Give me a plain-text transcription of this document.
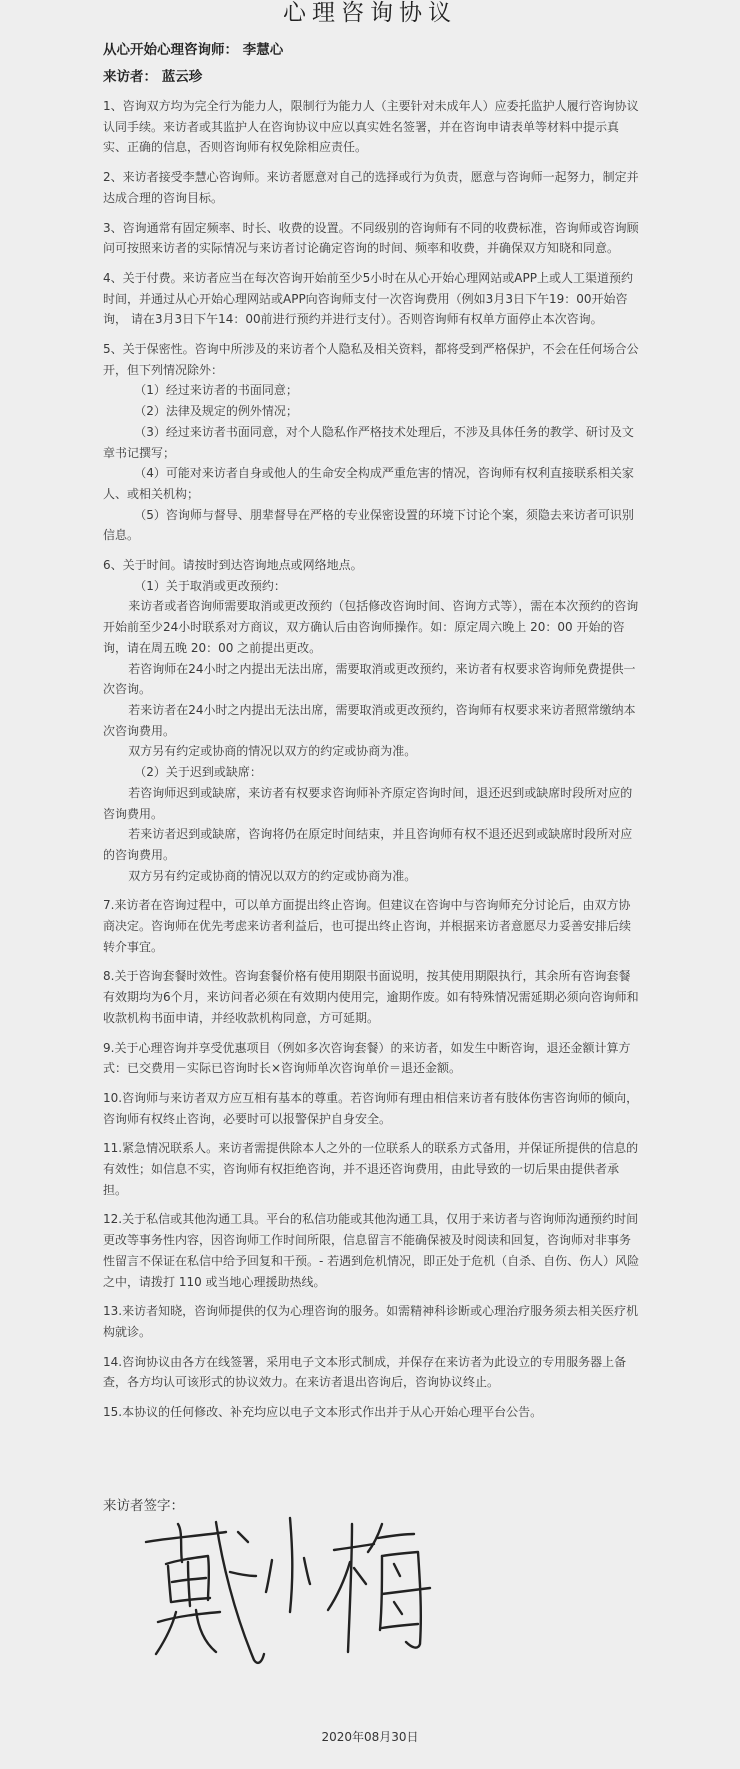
心理咨询协议
从心开始心理咨询师： 李慧心
来访者： 蓝云珍

1、咨询双方均为完全行为能力人，限制行为能力人（主要针对未成年人）应委托监护人履行咨询协议认同手续。来访者或其监护人在咨询协议中应以真实姓名签署，并在咨询申请表单等材料中提示真实、正确的信息，否则咨询师有权免除相应责任。

2、来访者接受李慧心咨询师。来访者愿意对自己的选择或行为负责，愿意与咨询师一起努力，制定并达成合理的咨询目标。

3、咨询通常有固定频率、时长、收费的设置。不同级别的咨询师有不同的收费标准，咨询师或咨询顾问可按照来访者的实际情况与来访者讨论确定咨询的时间、频率和收费，并确保双方知晓和同意。

4、关于付费。来访者应当在每次咨询开始前至少5小时在从心开始心理网站或APP上或人工渠道预约时间，并通过从心开始心理网站或APP向咨询师支付一次咨询费用（例如3月3日下午19：00开始咨询， 请在3月3日下午14：00前进行预约并进行支付）。否则咨询师有权单方面停止本次咨询。

5、关于保密性。咨询中所涉及的来访者个人隐私及相关资料，都将受到严格保护，不会在任何场合公开，但下列情况除外：
（1）经过来访者的书面同意；
（2）法律及规定的例外情况；
（3）经过来访者书面同意，对个人隐私作严格技术处理后，不涉及具体任务的教学、研讨及文章书记撰写；
（4）可能对来访者自身或他人的生命安全构成严重危害的情况，咨询师有权利直接联系相关家人、或相关机构；
（5）咨询师与督导、朋辈督导在严格的专业保密设置的环境下讨论个案，须隐去来访者可识别信息。
6、关于时间。请按时到达咨询地点或网络地点。
（1）关于取消或更改预约：
来访者或者咨询师需要取消或更改预约（包括修改咨询时间、咨询方式等），需在本次预约的咨询开始前至少24小时联系对方商议，双方确认后由咨询师操作。如：原定周六晚上 20：00 开始的咨询，请在周五晚 20：00 之前提出更改。
若咨询师在24小时之内提出无法出席，需要取消或更改预约，来访者有权要求咨询师免费提供一次咨询。
若来访者在24小时之内提出无法出席，需要取消或更改预约，咨询师有权要求来访者照常缴纳本次咨询费用。
双方另有约定或协商的情况以双方的约定或协商为准。
（2）关于迟到或缺席：
若咨询师迟到或缺席，来访者有权要求咨询师补齐原定咨询时间，退还迟到或缺席时段所对应的咨询费用。
若来访者迟到或缺席，咨询将仍在原定时间结束，并且咨询师有权不退还迟到或缺席时段所对应的咨询费用。
双方另有约定或协商的情况以双方的约定或协商为准。

7.来访者在咨询过程中，可以单方面提出终止咨询。但建议在咨询中与咨询师充分讨论后，由双方协商决定。咨询师在优先考虑来访者利益后，也可提出终止咨询，并根据来访者意愿尽力妥善安排后续转介事宜。

8.关于咨询套餐时效性。咨询套餐价格有使用期限书面说明，按其使用期限执行，其余所有咨询套餐有效期均为6个月，来访问者必须在有效期内使用完，逾期作废。如有特殊情况需延期必须向咨询师和收款机构书面申请，并经收款机构同意，方可延期。

9.关于心理咨询并享受优惠项目（例如多次咨询套餐）的来访者，如发生中断咨询，退还金额计算方式：已交费用－实际已咨询时长×咨询师单次咨询单价＝退还金额。

10.咨询师与来访者双方应互相有基本的尊重。若咨询师有理由相信来访者有肢体伤害咨询师的倾向，咨询师有权终止咨询，必要时可以报警保护自身安全。

11.紧急情况联系人。来访者需提供除本人之外的一位联系人的联系方式备用，并保证所提供的信息的有效性；如信息不实，咨询师有权拒绝咨询，并不退还咨询费用，由此导致的一切后果由提供者承担。

12.关于私信或其他沟通工具。平台的私信功能或其他沟通工具，仅用于来访者与咨询师沟通预约时间更改等事务性内容，因咨询师工作时间所限，信息留言不能确保被及时阅读和回复，咨询师对非事务性留言不保证在私信中给予回复和干预。- 若遇到危机情况，即正处于危机（自杀、自伤、伤人）风险之中，请拨打 110 或当地心理援助热线。

13.来访者知晓，咨询师提供的仅为心理咨询的服务。如需精神科诊断或心理治疗服务须去相关医疗机构就诊。

14.咨询协议由各方在线签署，采用电子文本形式制成，并保存在来访者为此设立的专用服务器上备查，各方均认可该形式的协议效力。在来访者退出咨询后，咨询协议终止。

15.本协议的任何修改、补充均应以电子文本形式作出并于从心开始心理平台公告。

来访者签字：
2020年08月30日
